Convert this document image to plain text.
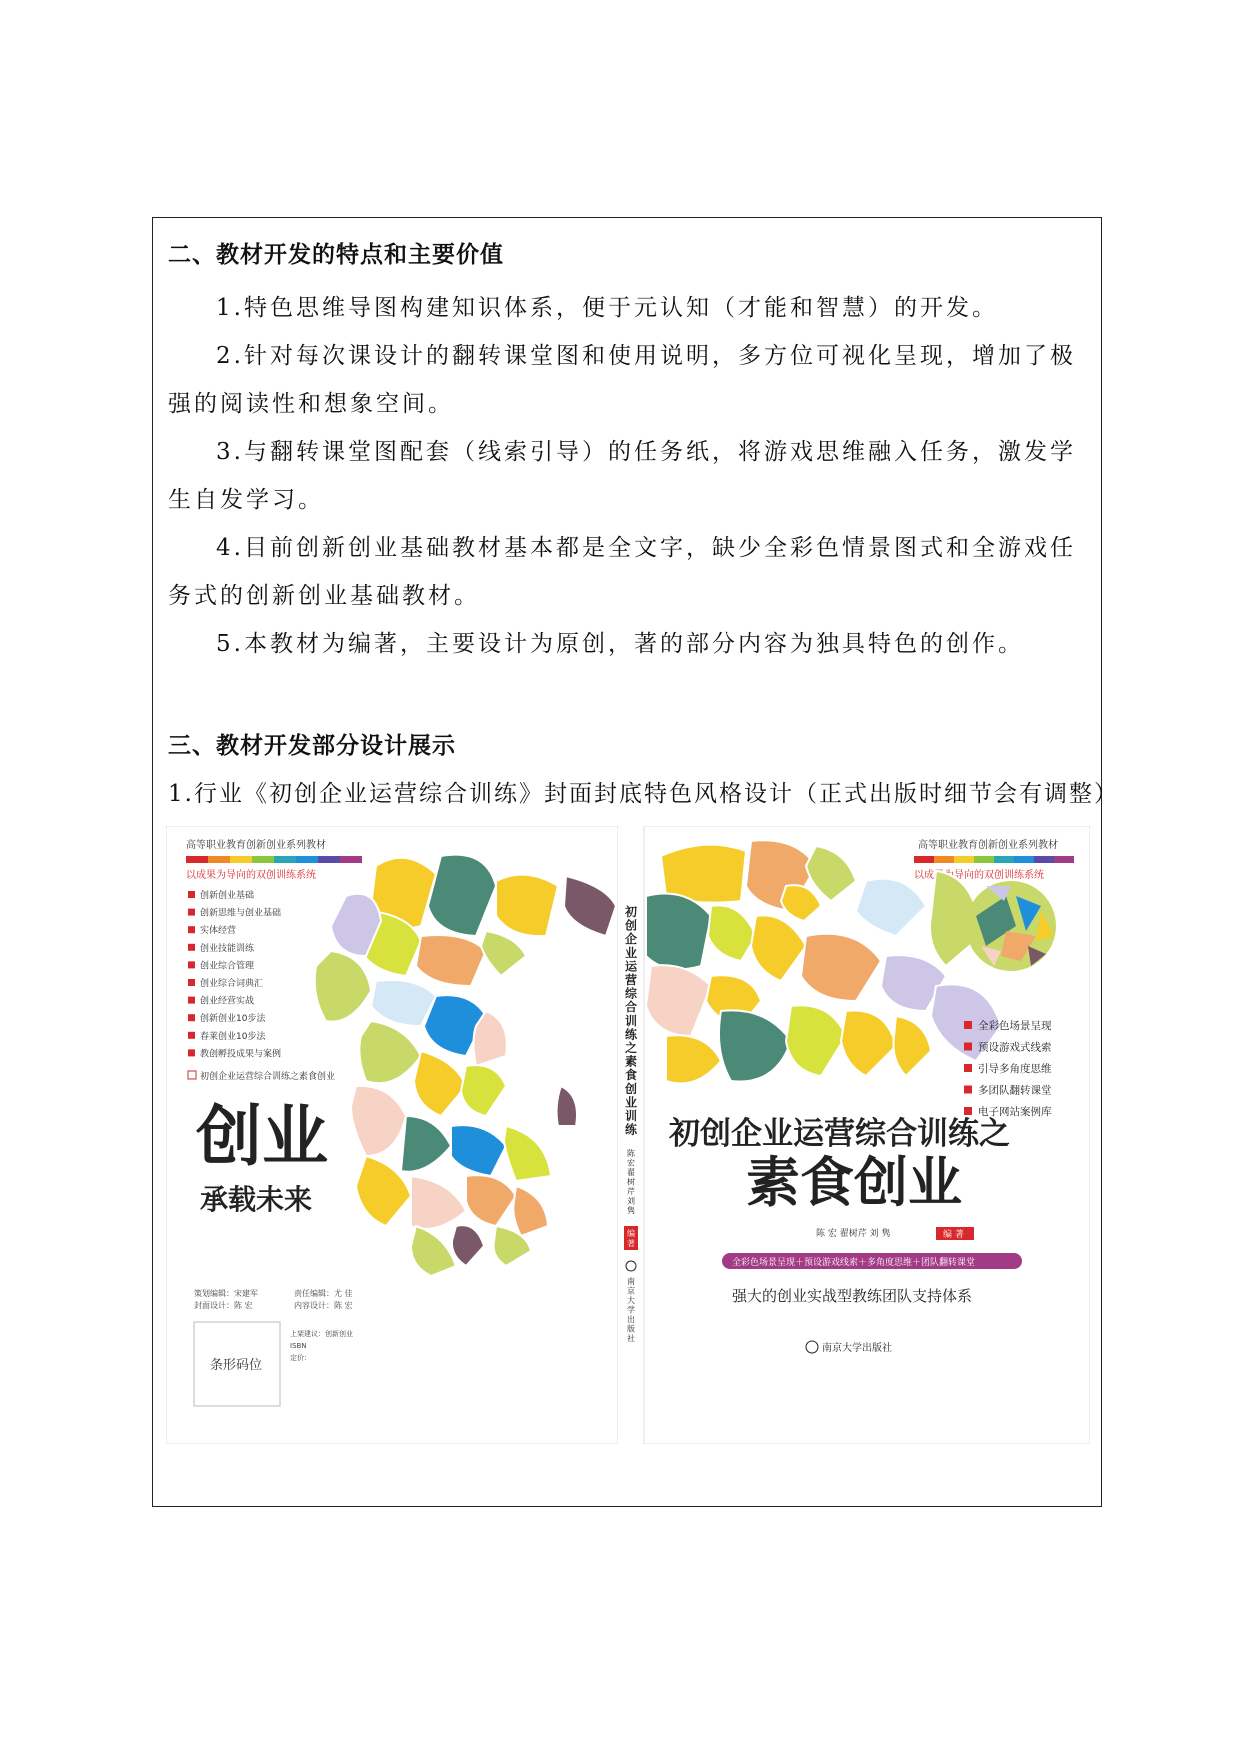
二、教材开发的特点和主要价值
1.特色思维导图构建知识体系，便于元认知（才能和智慧）的开发。
2.针对每次课设计的翻转课堂图和使用说明，多方位可视化呈现，增加了极强的阅读性和想象空间。
3.与翻转课堂图配套（线索引导）的任务纸，将游戏思维融入任务，激发学生自发学习。
4.目前创新创业基础教材基本都是全文字，缺少全彩色情景图式和全游戏任务式的创新创业基础教材。
5.本教材为编著，主要设计为原创，著的部分内容为独具特色的创作。
三、教材开发部分设计展示
1.行业《初创企业运营综合训练》封面封底特色风格设计（正式出版时细节会有调整）
高等职业教育创新创业系列教材
以成果为导向的双创训练系统
创新创业基础
创新思维与创业基础
实体经营
创业技能训练
创业综合管理
创业综合词典汇
创业经营实战
创新创业10步法
春莱创业10步法
教创孵投成果与案例
初创企业运营综合训练之素食创业
创业
承载未来
策划编辑：宋建军	责任编辑：尤 佳
封面设计：陈 宏	内容设计：陈 宏
条形码位
上架建议：创新创业
ISBN
定价：
初创企业运营综合训练之素食创业训练
陈宏翟树芹刘隽
编著
南京大学出版社
高等职业教育创新创业系列教材
以成果为导向的双创训练系统
全彩色场景呈现
预设游戏式线索
引导多角度思维
多团队翻转课堂
电子网站案例库
初创企业运营综合训练之
素食创业
陈 宏 翟树芹 刘 隽	编 著
全彩色场景呈现＋预设游戏线索＋多角度思维＋团队翻转课堂
强大的创业实战型教练团队支持体系
南京大学出版社
